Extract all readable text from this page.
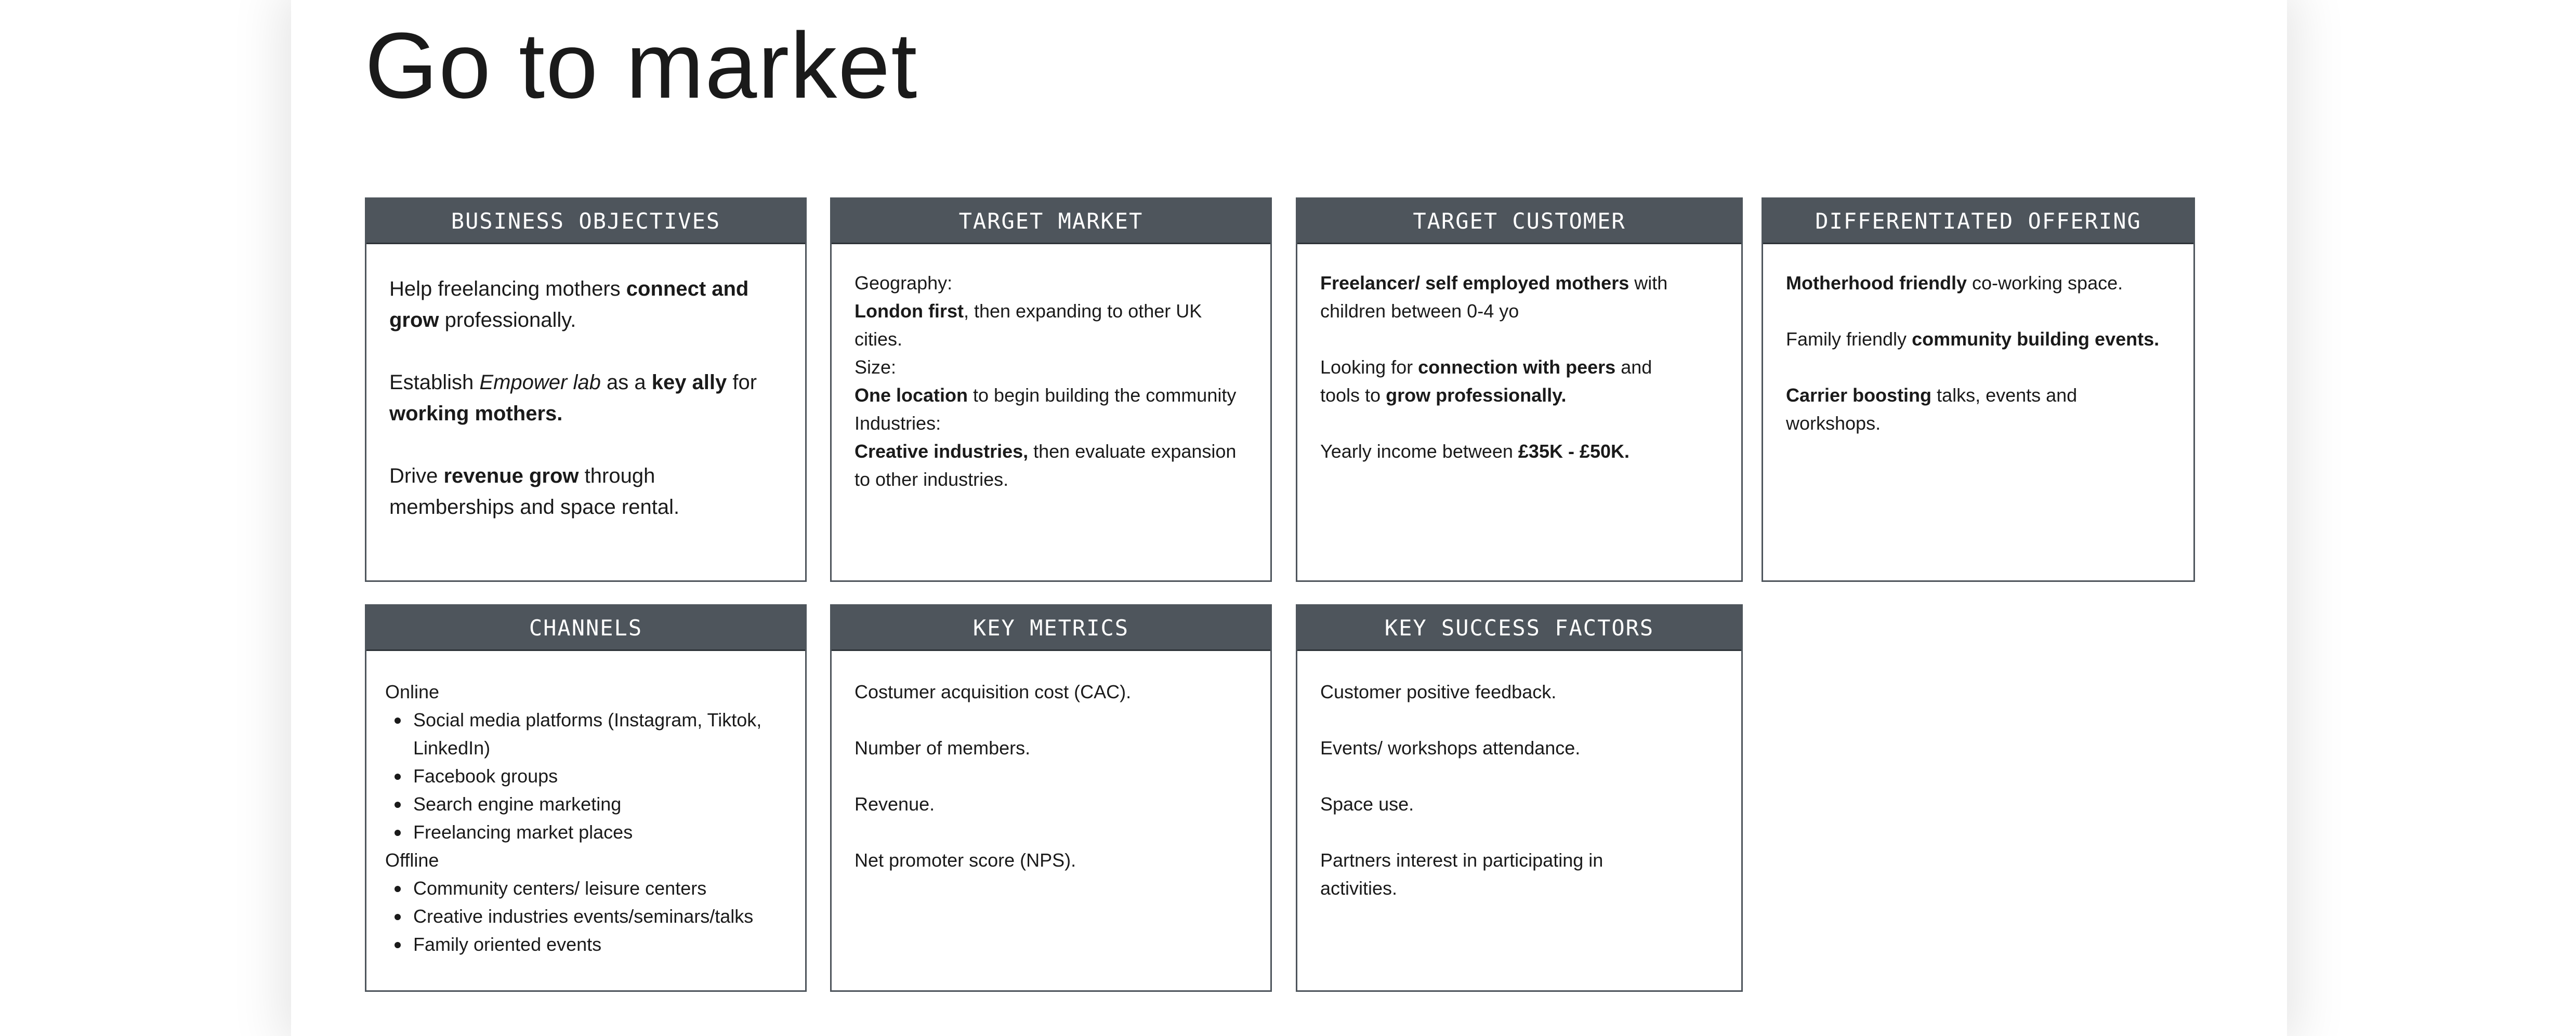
Go to market
BUSINESS OBJECTIVES

Help freelancing mothers connect and grow professionally.

Establish Empower lab as a key ally for working mothers.

Drive revenue grow through memberships and space rental.

TARGET MARKET

Geography:

London first, then expanding to other UK cities.

Size:

One location to begin building the community

Industries:

Creative industries, then evaluate expansion to other industries.

TARGET CUSTOMER

Freelancer/ self employed mothers with children between 0-4 yo

Looking for connection with peers and tools to grow professionally.

Yearly income between £35K - £50K.

DIFFERENTIATED OFFERING

Motherhood friendly co-working space.

Family friendly community building events.

Carrier boosting talks, events and workshops.

CHANNELS

Online

Social media platforms (Instagram, Tiktok, LinkedIn)
Facebook groups
Search engine marketing
Freelancing market places

Offline

Community centers/ leisure centers
Creative industries events/seminars/talks
Family oriented events
KEY METRICS

Costumer acquisition cost (CAC).

Number of members.

Revenue.

Net promoter score (NPS).

KEY SUCCESS FACTORS

Customer positive feedback.

Events/ workshops attendance.

Space use.

Partners interest in participating in activities.
